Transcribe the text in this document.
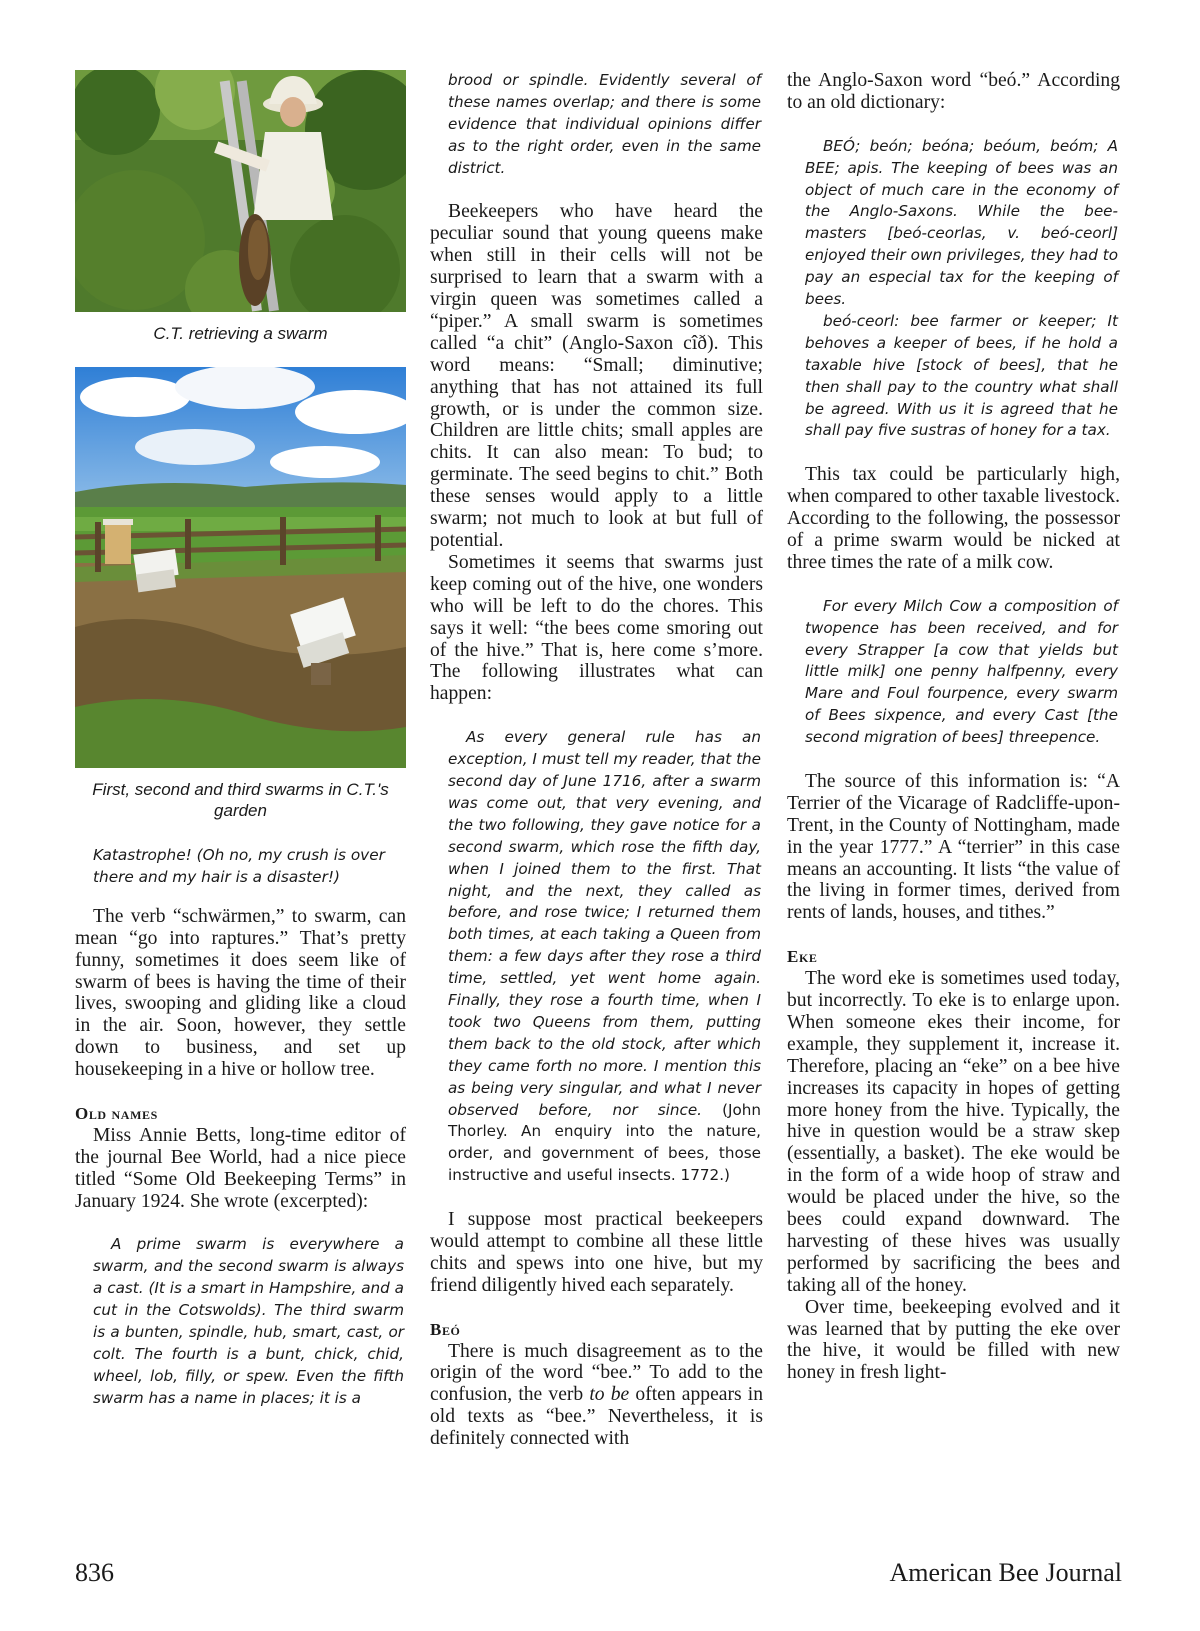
C.T. retrieving a swarm
First, second and third swarms in C.T.'s garden
Katastrophe! (Oh no, my crush is over there and my hair is a disaster!)

The verb “schwärmen,” to swarm, can mean “go into raptures.” That’s pretty funny, sometimes it does seem like of swarm of bees is having the time of their lives, swooping and gliding like a cloud in the air. Soon, however, they settle down to business, and set up housekeeping in a hive or hollow tree.

Old names

Miss Annie Betts, long-time editor of the journal Bee World, had a nice piece titled “Some Old Beekeeping Terms” in January 1924. She wrote (excerpted):

A prime swarm is everywhere a swarm, and the second swarm is always a cast. (It is a smart in Hampshire, and a cut in the Cotswolds). The third swarm is a bunten, spindle, hub, smart, cast, or colt. The fourth is a bunt, chick, chid, wheel, lob, filly, or spew. Even the fifth swarm has a name in places; it is a

brood or spindle. Evidently several of these names overlap; and there is some evidence that individual opinions differ as to the right order, even in the same district.

Beekeepers who have heard the peculiar sound that young queens make when still in their cells will not be surprised to learn that a swarm with a virgin queen was sometimes called a “piper.” A small swarm is sometimes called “a chit” (Anglo-Saxon cîð). This word means: “Small; diminutive; anything that has not attained its full growth, or is under the common size. Children are little chits; small apples are chits. It can also mean: To bud; to germinate. The seed begins to chit.” Both these senses would apply to a little swarm; not much to look at but full of potential.

Sometimes it seems that swarms just keep coming out of the hive, one wonders who will be left to do the chores. This says it well: “the bees come smoring out of the hive.” That is, here come s’more. The following illustrates what can happen:

As every general rule has an exception, I must tell my reader, that the second day of June 1716, after a swarm was come out, that very evening, and the two following, they gave notice for a second swarm, which rose the fifth day, when I joined them to the first. That night, and the next, they called as before, and rose twice; I returned them both times, at each taking a Queen from them: a few days after they rose a third time, settled, yet went home again. Finally, they rose a fourth time, when I took two Queens from them, putting them back to the old stock, after which they came forth no more. I mention this as being very singular, and what I never observed before, nor since. (John Thorley. An enquiry into the nature, order, and government of bees, those instructive and useful insects. 1772.)

I suppose most practical beekeepers would attempt to combine all these little chits and spews into one hive, but my friend diligently hived each separately.

Beó

There is much disagreement as to the origin of the word “bee.” To add to the confusion, the verb to be often appears in old texts as “bee.” Nevertheless, it is definitely connected with

the Anglo-Saxon word “beó.” According to an old dictionary:

BEÓ; beón; beóna; beóum, beóm; A BEE; apis. The keeping of bees was an object of much care in the economy of the Anglo-Saxons. While the bee-masters [beó-ceorlas, v. beó-ceorl] enjoyed their own privileges, they had to pay an especial tax for the keeping of bees.

beó-ceorl: bee farmer or keeper; It behoves a keeper of bees, if he hold a taxable hive [stock of bees], that he then shall pay to the country what shall be agreed. With us it is agreed that he shall pay five sustras of honey for a tax.

This tax could be particularly high, when compared to other taxable livestock. According to the following, the possessor of a prime swarm would be nicked at three times the rate of a milk cow.

For every Milch Cow a composition of twopence has been received, and for every Strapper [a cow that yields but little milk] one penny halfpenny, every Mare and Foul fourpence, every swarm of Bees sixpence, and every Cast [the second migration of bees] threepence.

The source of this information is: “A Terrier of the Vicarage of Radcliffe-upon-Trent, in the County of Nottingham, made in the year 1777.” A “terrier” in this case means an accounting. It lists “the value of the living in former times, derived from rents of lands, houses, and tithes.”

Eke

The word eke is sometimes used today, but incorrectly. To eke is to enlarge upon. When someone ekes their income, for example, they supplement it, increase it. Therefore, placing an “eke” on a bee hive increases its capacity in hopes of getting more honey from the hive. Typically, the hive in question would be a straw skep (essentially, a basket). The eke would be in the form of a wide hoop of straw and would be placed under the hive, so the bees could expand downward. The harvesting of these hives was usually performed by sacrificing the bees and taking all of the honey.

Over time, beekeeping evolved and it was learned that by putting the eke over the hive, it would be filled with new honey in fresh light-

836	American Bee Journal
